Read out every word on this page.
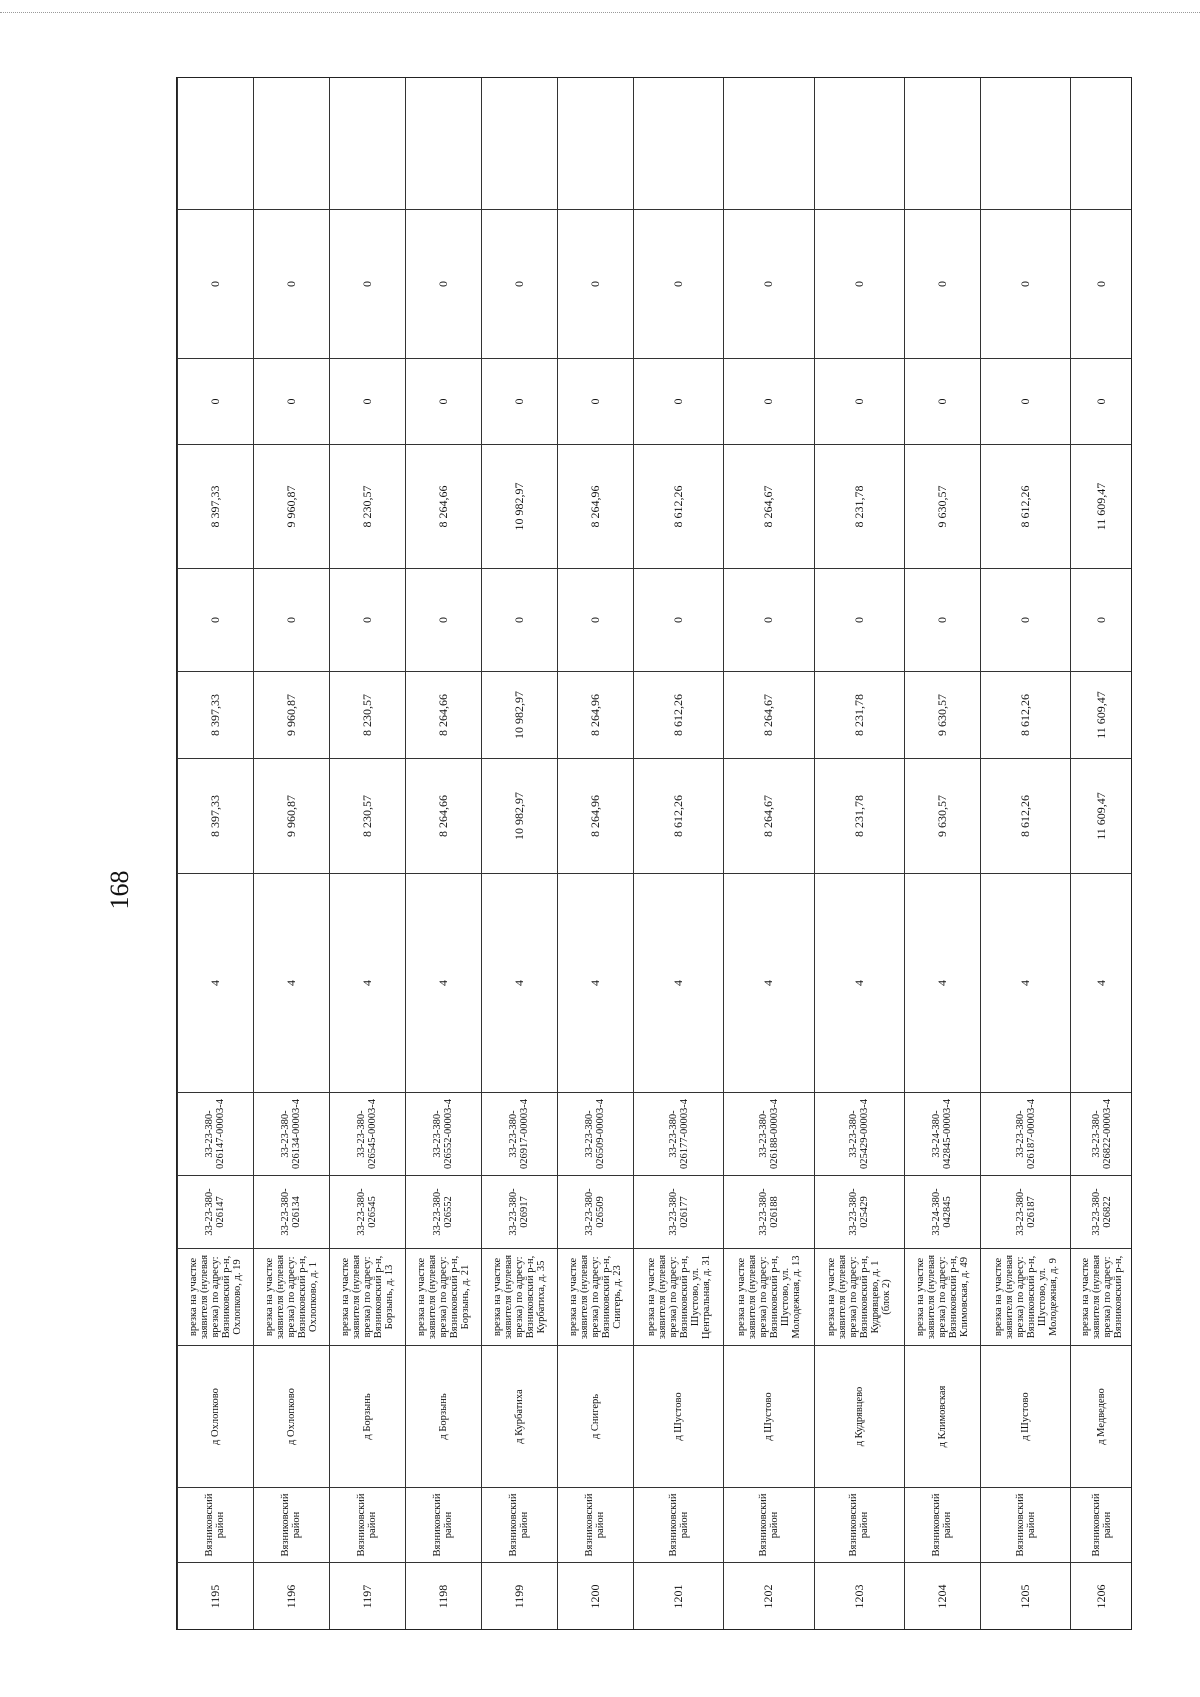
168
1195	Вязниковский район	д Охлопково	врезка на участке заявителя (нулевая врезка) по адресу: Вязниковский р-н, Охлопково, д. 19	33-23-380-026147	33-23-380-026147-00003-4	4	8 397,33	8 397,33	0	8 397,33	0	0	
1196	Вязниковский район	д Охлопково	врезка на участке заявителя (нулевая врезка) по адресу: Вязниковский р-н, Охлопково, д. 1	33-23-380-026134	33-23-380-026134-00003-4	4	9 960,87	9 960,87	0	9 960,87	0	0	
1197	Вязниковский район	д Борзынь	врезка на участке заявителя (нулевая врезка) по адресу: Вязниковский р-н, Борзынь, д. 13	33-23-380-026545	33-23-380-026545-00003-4	4	8 230,57	8 230,57	0	8 230,57	0	0	
1198	Вязниковский район	д Борзынь	врезка на участке заявителя (нулевая врезка) по адресу: Вязниковский р-н, Борзынь, д. 21	33-23-380-026552	33-23-380-026552-00003-4	4	8 264,66	8 264,66	0	8 264,66	0	0	
1199	Вязниковский район	д Курбатиха	врезка на участке заявителя (нулевая врезка) по адресу: Вязниковский р-н, Курбатиха, д. 35	33-23-380-026917	33-23-380-026917-00003-4	4	10 982,97	10 982,97	0	10 982,97	0	0	
1200	Вязниковский район	д Снигерь	врезка на участке заявителя (нулевая врезка) по адресу: Вязниковский р-н, Снигерь, д. 23	33-23-380-026509	33-23-380-026509-00003-4	4	8 264,96	8 264,96	0	8 264,96	0	0	
1201	Вязниковский район	д Шустово	врезка на участке заявителя (нулевая врезка) по адресу: Вязниковский р-н, Шустово, ул. Центральная, д. 31	33-23-380-026177	33-23-380-026177-00003-4	4	8 612,26	8 612,26	0	8 612,26	0	0	
1202	Вязниковский район	д Шустово	врезка на участке заявителя (нулевая врезка) по адресу: Вязниковский р-н, Шустово, ул. Молодежная, д. 13	33-23-380-026188	33-23-380-026188-00003-4	4	8 264,67	8 264,67	0	8 264,67	0	0	
1203	Вязниковский район	д Кудрявцево	врезка на участке заявителя (нулевая врезка) по адресу: Вязниковский р-н, Кудрявцево, д. 1 (блок 2)	33-23-380-025429	33-23-380-025429-00003-4	4	8 231,78	8 231,78	0	8 231,78	0	0	
1204	Вязниковский район	д Климовская	врезка на участке заявителя (нулевая врезка) по адресу: Вязниковский р-н, Климовская, д. 49	33-24-380-042845	33-24-380-042845-00003-4	4	9 630,57	9 630,57	0	9 630,57	0	0	
1205	Вязниковский район	д Шустово	врезка на участке заявителя (нулевая врезка) по адресу: Вязниковский р-н, Шустово, ул. Молодежная, д. 9	33-23-380-026187	33-23-380-026187-00003-4	4	8 612,26	8 612,26	0	8 612,26	0	0	
1206	Вязниковский район	д Медведево	врезка на участке заявителя (нулевая врезка) по адресу: Вязниковский р-н,	33-23-380-026822	33-23-380-026822-00003-4	4	11 609,47	11 609,47	0	11 609,47	0	0	
